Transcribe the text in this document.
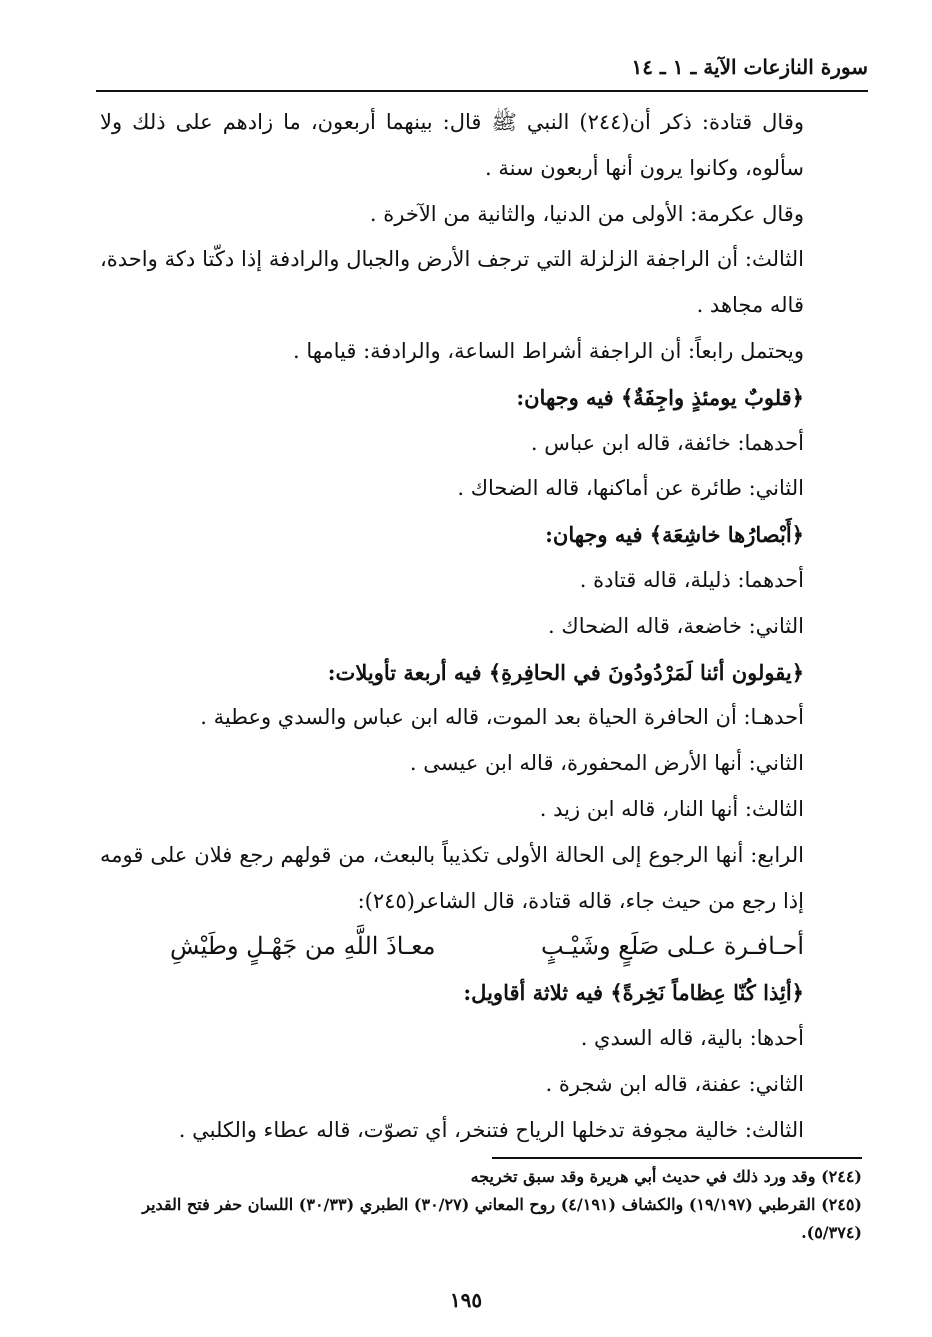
سورة النازعات الآية ـ ١ ـ ١٤

وقال قتادة: ذكر أن(٢٤٤) النبي ﷺ قال: بينهما أربعون، ما زادهم على ذلك ولا سألوه، وكانوا يرون أنها أربعون سنة .

وقال عكرمة: الأولى من الدنيا، والثانية من الآخرة .

الثالث: أن الراجفة الزلزلة التي ترجف الأرض والجبال والرادفة إذا دكّتا دكة واحدة، قاله مجاهد .

ويحتمل رابعاً: أن الراجفة أشراط الساعة، والرادفة: قيامها .

﴿قلوبٌ يومئذٍ واجِفَةٌ﴾ فيه وجهان:

أحدهما: خائفة، قاله ابن عباس .

الثاني: طائرة عن أماكنها، قاله الضحاك .

﴿أَبْصارُها خاشِعَة﴾ فيه وجهان:

أحدهما: ذليلة، قاله قتادة .

الثاني: خاضعة، قاله الضحاك .

﴿يقولون أئنا لَمَرْدُودُونَ في الحافِرةِ﴾ فيه أربعة تأويلات:

أحدهـا: أن الحافرة الحياة بعد الموت، قاله ابن عباس والسدي وعطية .

الثاني: أنها الأرض المحفورة، قاله ابن عيسى .

الثالث: أنها النار، قاله ابن زيد .

الرابع: أنها الرجوع إلى الحالة الأولى تكذيباً بالبعث، من قولهم رجع فلان على قومه إذا رجع من حيث جاء، قاله قتادة، قال الشاعر(٢٤٥):

أحـافـرة عـلى صَلَعٍ وشَيْـبٍ
معـاذَ اللَّهِ من جَهْـلٍ وطَيْشِ

﴿أئِذا كُنّا عِظاماً نَخِرةً﴾ فيه ثلاثة أقاويل:

أحدها: بالية، قاله السدي .

الثاني: عفنة، قاله ابن شجرة .

الثالث: خالية مجوفة تدخلها الرياح فتنخر، أي تصوّت، قاله عطاء والكلبي .

(٢٤٤) وقد ورد ذلك في حديث أبي هريرة وقد سبق تخريجه

(٢٤٥) القرطبي (١٩/١٩٧) والكشاف (٤/١٩١) روح المعاني (٣٠/٢٧) الطبري (٣٠/٣٣) اللسان حفر فتح القدير (٥/٣٧٤).

١٩٥
